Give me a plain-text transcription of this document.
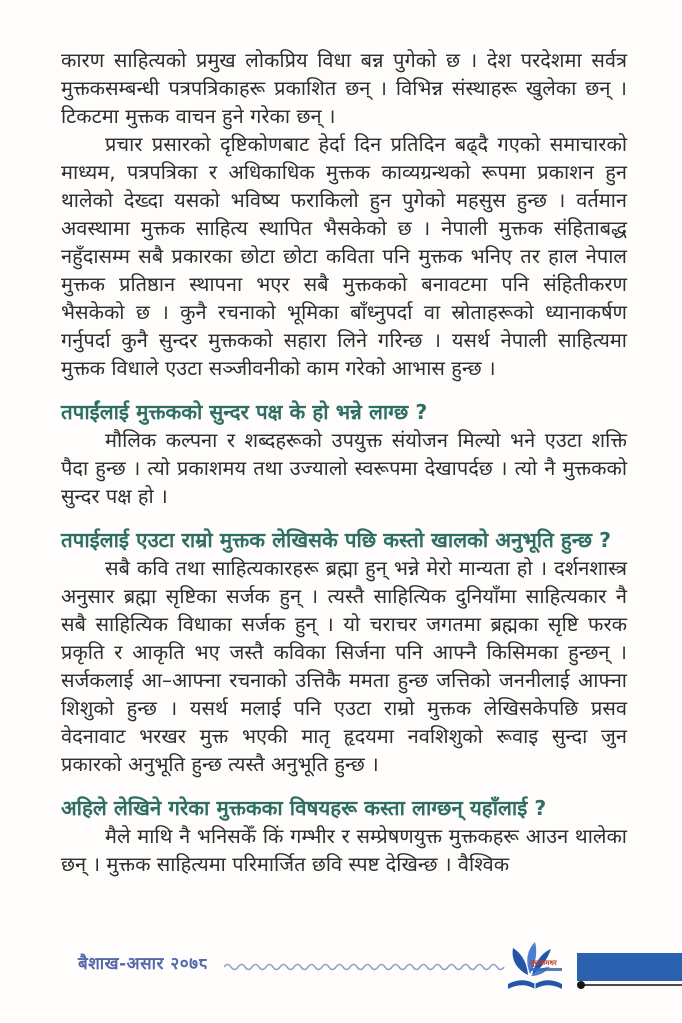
कारण साहित्यको प्रमुख लोकप्रिय विधा बन्न पुगेको छ । देश परदेशमा सर्वत्र मुक्तकसम्बन्धी पत्रपत्रिकाहरू प्रकाशित छन् । विभिन्न संस्थाहरू खुलेका छन् । टिकटमा मुक्तक वाचन हुने गरेका छन् ।

प्रचार प्रसारको दृष्टिकोणबाट हेर्दा दिन प्रतिदिन बढ्दै गएको समाचारको माध्यम, पत्रपत्रिका र अधिकाधिक मुक्तक काव्यग्रन्थको रूपमा प्रकाशन हुन थालेको देख्दा यसको भविष्य फराकिलो हुन पुगेको महसुस हुन्छ । वर्तमान अवस्थामा मुक्तक साहित्य स्थापित भैसकेको छ । नेपाली मुक्तक संहिताबद्ध नहुँदासम्म सबै प्रकारका छोटा छोटा कविता पनि मुक्तक भनिए तर हाल नेपाल मुक्तक प्रतिष्ठान स्थापना भएर सबै मुक्तकको बनावटमा पनि संहितीकरण भैसकेको छ । कुनै रचनाको भूमिका बाँध्नुपर्दा वा स्रोताहरूको ध्यानाकर्षण गर्नुपर्दा कुनै सुन्दर मुक्तकको सहारा लिने गरिन्छ । यसर्थ नेपाली साहित्यमा मुक्तक विधाले एउटा सञ्जीवनीको काम गरेको आभास हुन्छ ।

तपाईंलाई मुक्तकको सुन्दर पक्ष के हो भन्ने लाग्छ ?

मौलिक कल्पना र शब्दहरूको उपयुक्त संयोजन मिल्यो भने एउटा शक्ति पैदा हुन्छ । त्यो प्रकाशमय तथा उज्यालो स्वरूपमा देखापर्दछ । त्यो नै मुक्तकको सुन्दर पक्ष हो ।

तपाईलाई एउटा राम्रो मुक्तक लेखिसके पछि कस्तो खालको अनुभूति हुन्छ ?

सबै कवि तथा साहित्यकारहरू ब्रह्मा हुन् भन्ने मेरो मान्यता हो । दर्शनशास्त्र अनुसार ब्रह्मा सृष्टिका सर्जक हुन् । त्यस्तै साहित्यिक दुनियाँमा साहित्यकार नै सबै साहित्यिक विधाका सर्जक हुन् । यो चराचर जगतमा ब्रह्मका सृष्टि फरक प्रकृति र आकृति भए जस्तै कविका सिर्जना पनि आफ्नै किसिमका हुन्छन् । सर्जकलाई आ–आफ्ना रचनाको उत्तिकै ममता हुन्छ जत्तिको जननीलाई आफ्ना शिशुको हुन्छ । यसर्थ मलाई पनि एउटा राम्रो मुक्तक लेखिसकेपछि प्रसव वेदनावाट भरखर मुक्त भएकी मातृ हृदयमा नवशिशुको रूवाइ सुन्दा जुन प्रकारको अनुभूति हुन्छ त्यस्तै अनुभूति हुन्छ ।

अहिले लेखिने गरेका मुक्तकका विषयहरू कस्ता लाग्छन् यहाँलाई ?

मैले माथि नै भनिसकेँ किं गम्भीर र सम्प्रेषणयुक्त मुक्तकहरू आउन थालेका छन् । मुक्तक साहित्यमा परिमार्जित छवि स्पष्ट देखिन्छ । वैश्विक

बैशाख-असार २०७८	मुक्तकमधर
